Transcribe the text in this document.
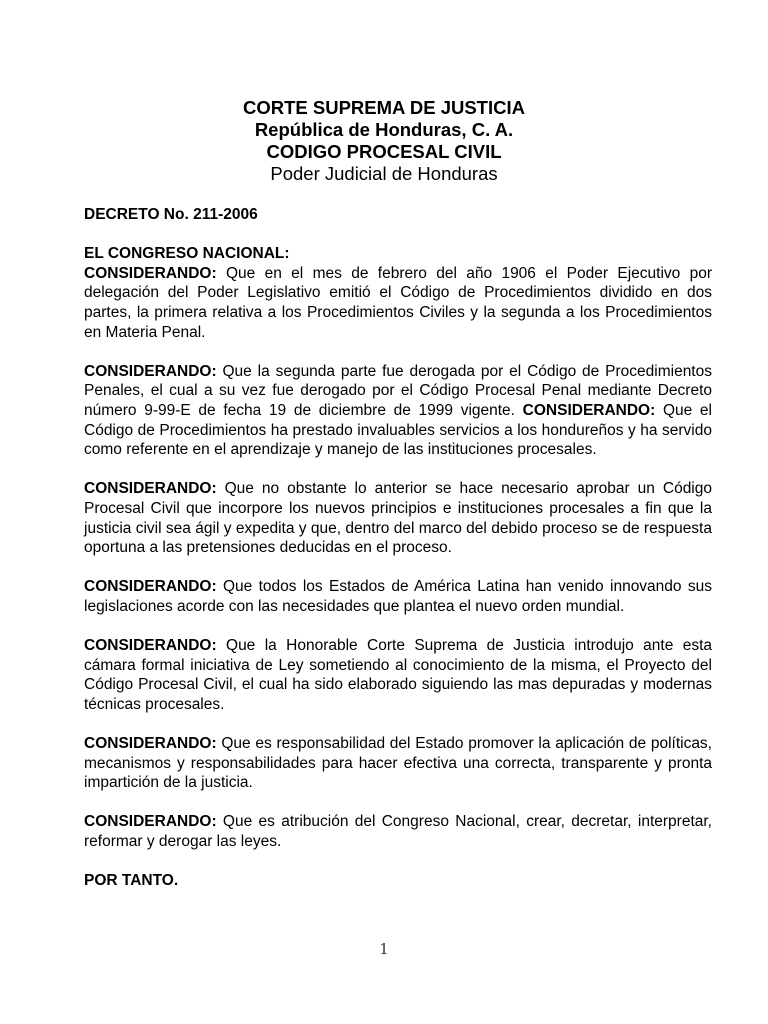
CORTE SUPREMA DE JUSTICIA
República de Honduras, C. A.
CODIGO PROCESAL CIVIL
Poder Judicial de Honduras

DECRETO No. 211-2006

EL CONGRESO NACIONAL:

CONSIDERANDO: Que en el mes de febrero del año 1906 el Poder Ejecutivo por delegación del Poder Legislativo emitió el Código de Procedimientos dividido en dos partes, la primera relativa a los Procedimientos Civiles y la segunda a los Procedimientos en Materia Penal.

CONSIDERANDO: Que la segunda parte fue derogada por el Código de Procedimientos Penales, el cual a su vez fue derogado por el Código Procesal Penal mediante Decreto número 9-99-E de fecha 19 de diciembre de 1999 vigente. CONSIDERANDO: Que el Código de Procedimientos ha prestado invaluables servicios a los hondureños y ha servido como referente en el aprendizaje y manejo de las instituciones procesales.

CONSIDERANDO: Que no obstante lo anterior se hace necesario aprobar un Código Procesal Civil que incorpore los nuevos principios e instituciones procesales a fin que la justicia civil sea ágil y expedita y que, dentro del marco del debido proceso se de respuesta oportuna a las pretensiones deducidas en el proceso.

CONSIDERANDO: Que todos los Estados de América Latina han venido innovando sus legislaciones acorde con las necesidades que plantea el nuevo orden mundial.

CONSIDERANDO: Que la Honorable Corte Suprema de Justicia introdujo ante esta cámara formal iniciativa de Ley sometiendo al conocimiento de la misma, el Proyecto del Código Procesal Civil, el cual ha sido elaborado siguiendo las mas depuradas y modernas técnicas procesales.

CONSIDERANDO: Que es responsabilidad del Estado promover la aplicación de políticas, mecanismos y responsabilidades para hacer efectiva una correcta, transparente y pronta impartición de la justicia.

CONSIDERANDO: Que es atribución del Congreso Nacional, crear, decretar, interpretar, reformar y derogar las leyes.

POR TANTO.

1
